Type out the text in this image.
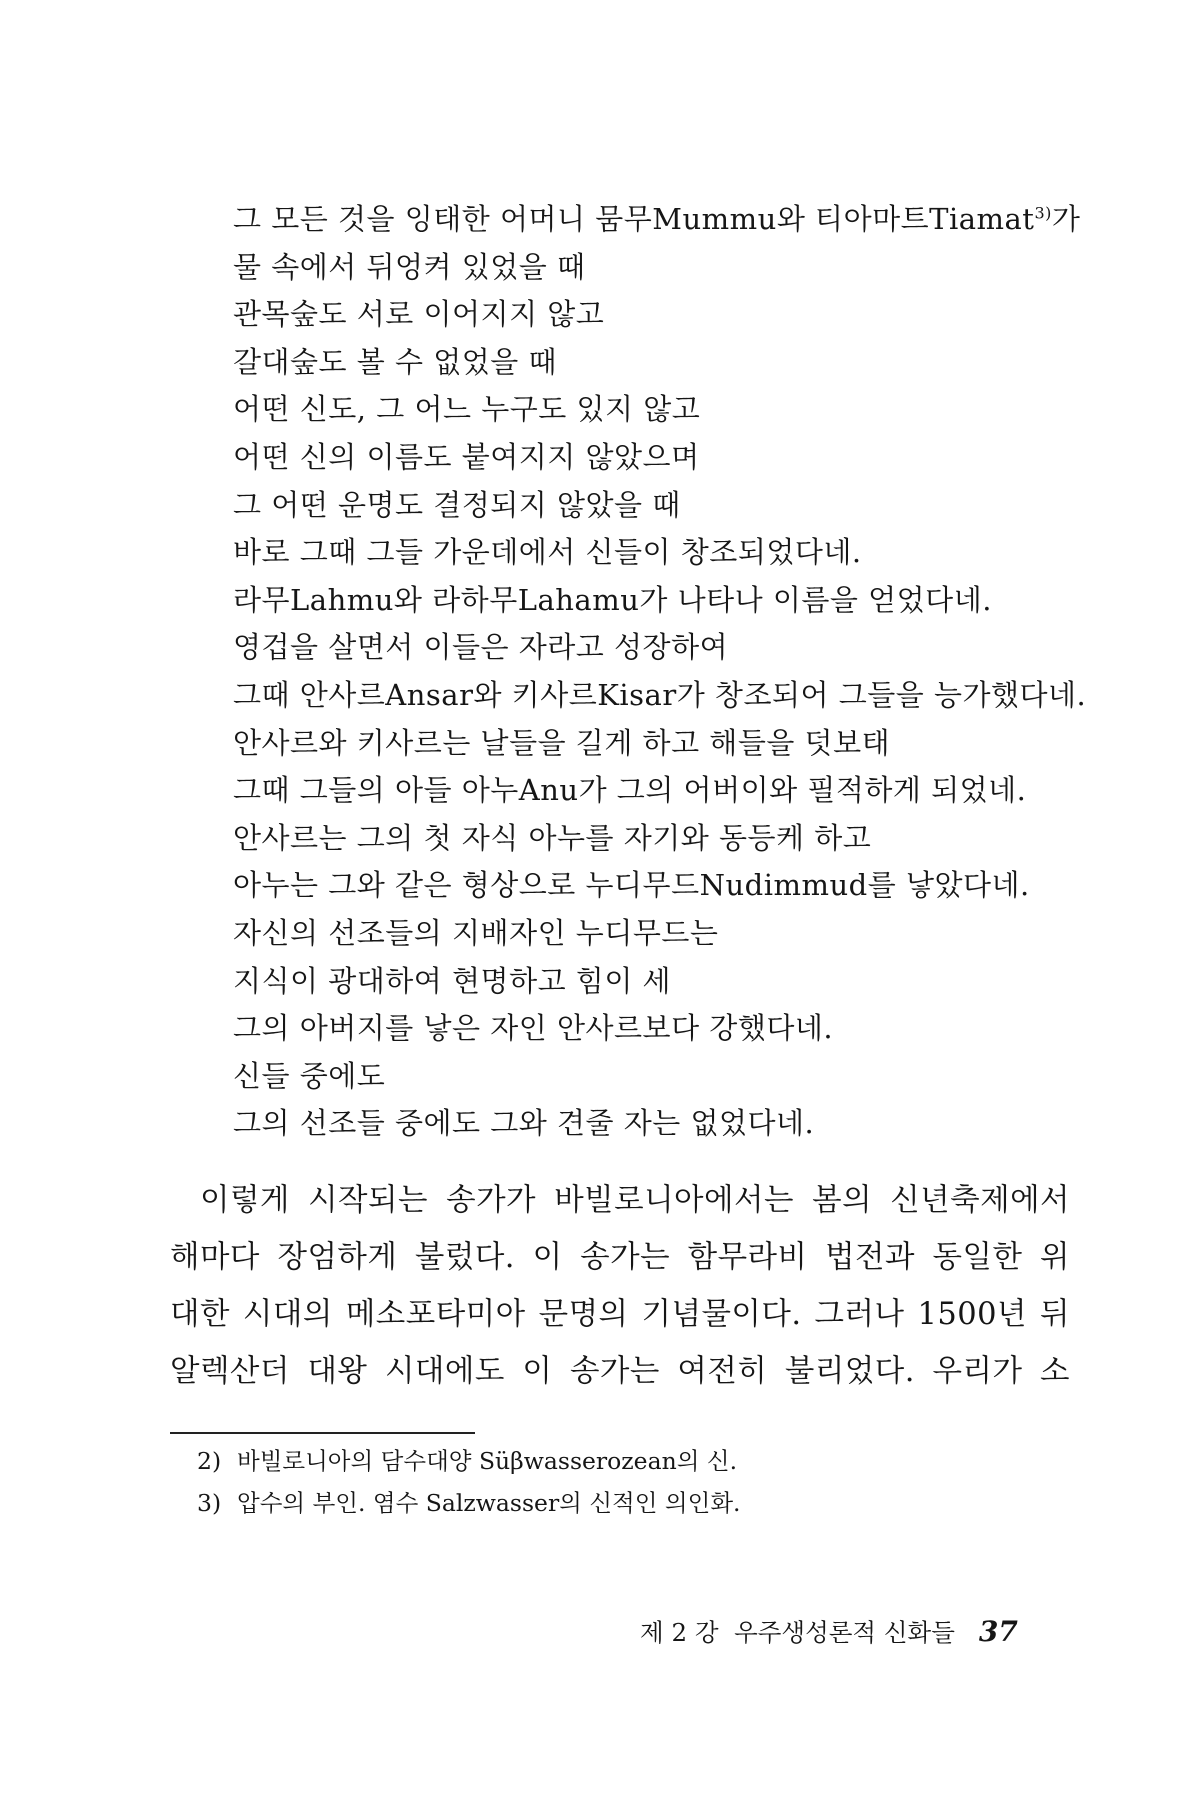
그 모든 것을 잉태한 어머니 뭄무Mummu와 티아마트Tiamat$^{3)}$가
물 속에서 뒤엉켜 있었을 때
관목숲도 서로 이어지지 않고
갈대숲도 볼 수 없었을 때
어떤 신도, 그 어느 누구도 있지 않고
어떤 신의 이름도 붙여지지 않았으며
그 어떤 운명도 결정되지 않았을 때
바로 그때 그들 가운데에서 신들이 창조되었다네.
라무Lahmu와 라하무Lahamu가 나타나 이름을 얻었다네.
영겁을 살면서 이들은 자라고 성장하여
그때 안사르Ansar와 키사르Kisar가 창조되어 그들을 능가했다네.
안사르와 키사르는 날들을 길게 하고 해들을 덧보태
그때 그들의 아들 아누Anu가 그의 어버이와 필적하게 되었네.
안사르는 그의 첫 자식 아누를 자기와 동등케 하고
아누는 그와 같은 형상으로 누디무드Nudimmud를 낳았다네.
자신의 선조들의 지배자인 누디무드는
지식이 광대하여 현명하고 힘이 세
그의 아버지를 낳은 자인 안사르보다 강했다네.
신들 중에도
그의 선조들 중에도 그와 견줄 자는 없었다네.
이렇게 시작되는 송가가 바빌로니아에서는 봄의 신년축제에서
해마다 장엄하게 불렀다. 이 송가는 함무라비 법전과 동일한 위
대한 시대의 메소포타미아 문명의 기념물이다. 그러나 1500년 뒤
알렉산더 대왕 시대에도 이 송가는 여전히 불리었다. 우리가 소
2) 바빌로니아의 담수대양 Süβwasserozean의 신.
3) 압수의 부인. 염수 Salzwasser의 신적인 의인화.
제 2 강  우주생성론적 신화들 37
